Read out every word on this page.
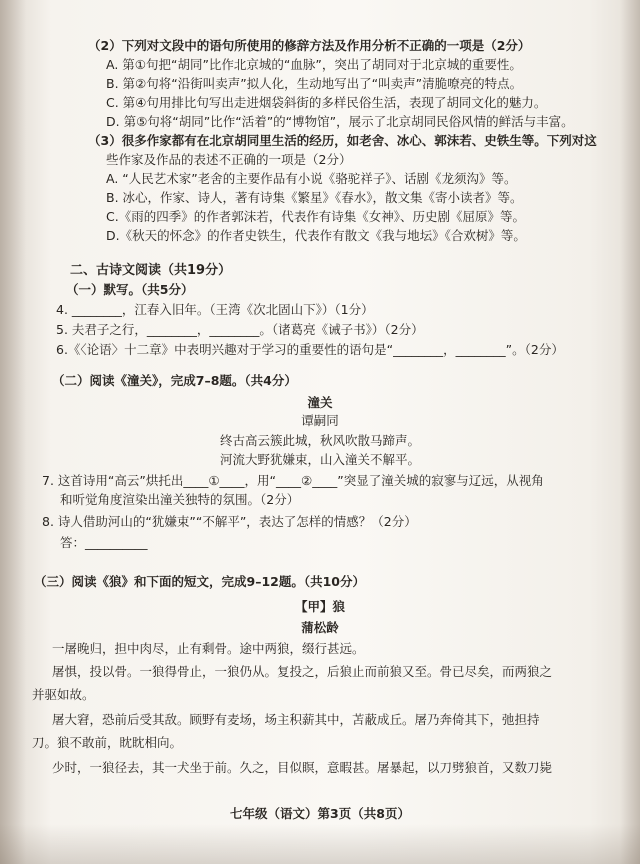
（2）下列对文段中的语句所使用的修辞方法及作用分析不正确的一项是（2分）
A. 第①句把“胡同”比作北京城的“血脉”，突出了胡同对于北京城的重要性。
B. 第②句将“沿街叫卖声”拟人化，生动地写出了“叫卖声”清脆嘹亮的特点。
C. 第④句用排比句写出走进烟袋斜街的多样民俗生活，表现了胡同文化的魅力。
D. 第⑤句将“胡同”比作“活着”的“博物馆”，展示了北京胡同民俗风情的鲜活与丰富。
（3）很多作家都有在北京胡同里生活的经历，如老舍、冰心、郭沫若、史铁生等。下列对这
些作家及作品的表述不正确的一项是（2分）
A. “人民艺术家”老舍的主要作品有小说《骆驼祥子》、话剧《龙须沟》等。
B. 冰心，作家、诗人，著有诗集《繁星》《春水》，散文集《寄小读者》等。
C.《雨的四季》的作者郭沫若，代表作有诗集《女神》、历史剧《屈原》等。
D.《秋天的怀念》的作者史铁生，代表作有散文《我与地坛》《合欢树》等。
二、古诗文阅读（共19分）
（一）默写。（共5分）
4. ________，江春入旧年。（王湾《次北固山下》）（1分）
5. 夫君子之行，________，________。（诸葛亮《诫子书》）（2分）
6.《〈论语〉十二章》中表明兴趣对于学习的重要性的语句是“________，________”。（2分）
（二）阅读《潼关》，完成7–8题。（共4分）
潼关
谭嗣同
终古高云簇此城，秋风吹散马蹄声。
河流大野犹嫌束，山入潼关不解平。
7. 这首诗用“高云”烘托出____①____，用“____②____”突显了潼关城的寂寥与辽远，从视角
和听觉角度渲染出潼关独特的氛围。（2分）
8. 诗人借助河山的“犹嫌束”“不解平”，表达了怎样的情感？（2分）
答：__________
（三）阅读《狼》和下面的短文，完成9–12题。（共10分）
【甲】狼
蒲松龄
一屠晚归，担中肉尽，止有剩骨。途中两狼，缀行甚远。
屠惧，投以骨。一狼得骨止，一狼仍从。复投之，后狼止而前狼又至。骨已尽矣，而两狼之
并驱如故。
屠大窘，恐前后受其敌。顾野有麦场，场主积薪其中，苫蔽成丘。屠乃奔倚其下，弛担持
刀。狼不敢前，眈眈相向。
少时，一狼径去，其一犬坐于前。久之，目似瞑，意暇甚。屠暴起，以刀劈狼首，又数刀毙
七年级（语文）第3页（共8页）
